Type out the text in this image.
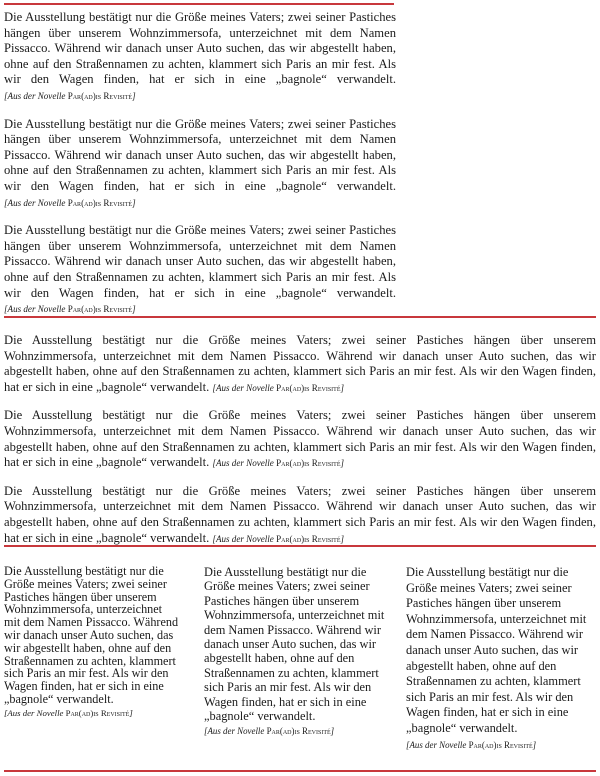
Die Ausstellung bestätigt nur die Größe meines Vaters; zwei seiner Pastiches hängen über unserem Wohnzimmersofa, unterzeichnet mit dem Namen Pissacco. Während wir danach unser Auto suchen, das wir abgestellt haben, ohne auf den Straßennamen zu achten, klammert sich Paris an mir fest. Als wir den Wagen finden, hat er sich in eine „bagnole“ verwandelt. [Aus der Novelle Par(ad)is Revisité]

Die Ausstellung bestätigt nur die Größe meines Vaters; zwei seiner Pastiches hängen über unserem Wohnzimmersofa, unterzeichnet mit dem Namen Pissacco. Während wir danach unser Auto suchen, das wir abgestellt haben, ohne auf den Straßennamen zu achten, klammert sich Paris an mir fest. Als wir den Wagen finden, hat er sich in eine „bagnole“ verwandelt. [Aus der Novelle Par(ad)is Revisité]

Die Ausstellung bestätigt nur die Größe meines Vaters; zwei seiner Pastiches hängen über unserem Wohnzimmersofa, unterzeichnet mit dem Namen Pissacco. Während wir danach unser Auto suchen, das wir abgestellt haben, ohne auf den Straßennamen zu achten, klammert sich Paris an mir fest. Als wir den Wagen finden, hat er sich in eine „bagnole“ verwandelt. [Aus der Novelle Par(ad)is Revisité]

Die Ausstellung bestätigt nur die Größe meines Vaters; zwei seiner Pastiches hängen über unserem Wohnzimmersofa, unterzeichnet mit dem Namen Pissacco. Während wir danach unser Auto suchen, das wir abgestellt haben, ohne auf den Straßennamen zu achten, klammert sich Paris an mir fest. Als wir den Wagen finden, hat er sich in eine „bagnole“ verwandelt. [Aus der Novelle Par(ad)is Revisité]

Die Ausstellung bestätigt nur die Größe meines Vaters; zwei seiner Pastiches hängen über unserem Wohnzimmersofa, unterzeichnet mit dem Namen Pissacco. Während wir danach unser Auto suchen, das wir abgestellt haben, ohne auf den Straßennamen zu achten, klammert sich Paris an mir fest. Als wir den Wagen finden, hat er sich in eine „bagnole“ verwandelt. [Aus der Novelle Par(ad)is Revisité]

Die Ausstellung bestätigt nur die Größe meines Vaters; zwei seiner Pastiches hängen über unserem Wohnzimmersofa, unterzeichnet mit dem Namen Pissacco. Während wir danach unser Auto suchen, das wir abgestellt haben, ohne auf den Straßennamen zu achten, klammert sich Paris an mir fest. Als wir den Wagen finden, hat er sich in eine „bagnole“ verwandelt. [Aus der Novelle Par(ad)is Revisité]

Die Ausstellung bestätigt nur die Größe meines Vaters; zwei seiner Pastiches hängen über unserem Wohnzimmersofa, unterzeichnet mit dem Namen Pissacco. Während wir danach unser Auto suchen, das wir abgestellt haben, ohne auf den Straßennamen zu achten, klammert sich Paris an mir fest. Als wir den Wagen finden, hat er sich in eine „bagnole“ verwandelt. [Aus der Novelle Par(ad)is Revisité]

Die Ausstellung bestätigt nur die Größe meines Vaters; zwei seiner Pastiches hängen über unserem Wohnzimmersofa, unterzeichnet mit dem Namen Pissacco. Während wir danach unser Auto suchen, das wir abgestellt haben, ohne auf den Straßennamen zu achten, klammert sich Paris an mir fest. Als wir den Wagen finden, hat er sich in eine „bagnole“ verwandelt. [Aus der Novelle Par(ad)is Revisité]

Die Ausstellung bestätigt nur die Größe meines Vaters; zwei seiner Pastiches hängen über unserem Wohnzimmersofa, unterzeichnet mit dem Namen Pissacco. Während wir danach unser Auto suchen, das wir abgestellt haben, ohne auf den Straßennamen zu achten, klammert sich Paris an mir fest. Als wir den Wagen finden, hat er sich in eine „bagnole“ verwandelt. [Aus der Novelle Par(ad)is Revisité]
